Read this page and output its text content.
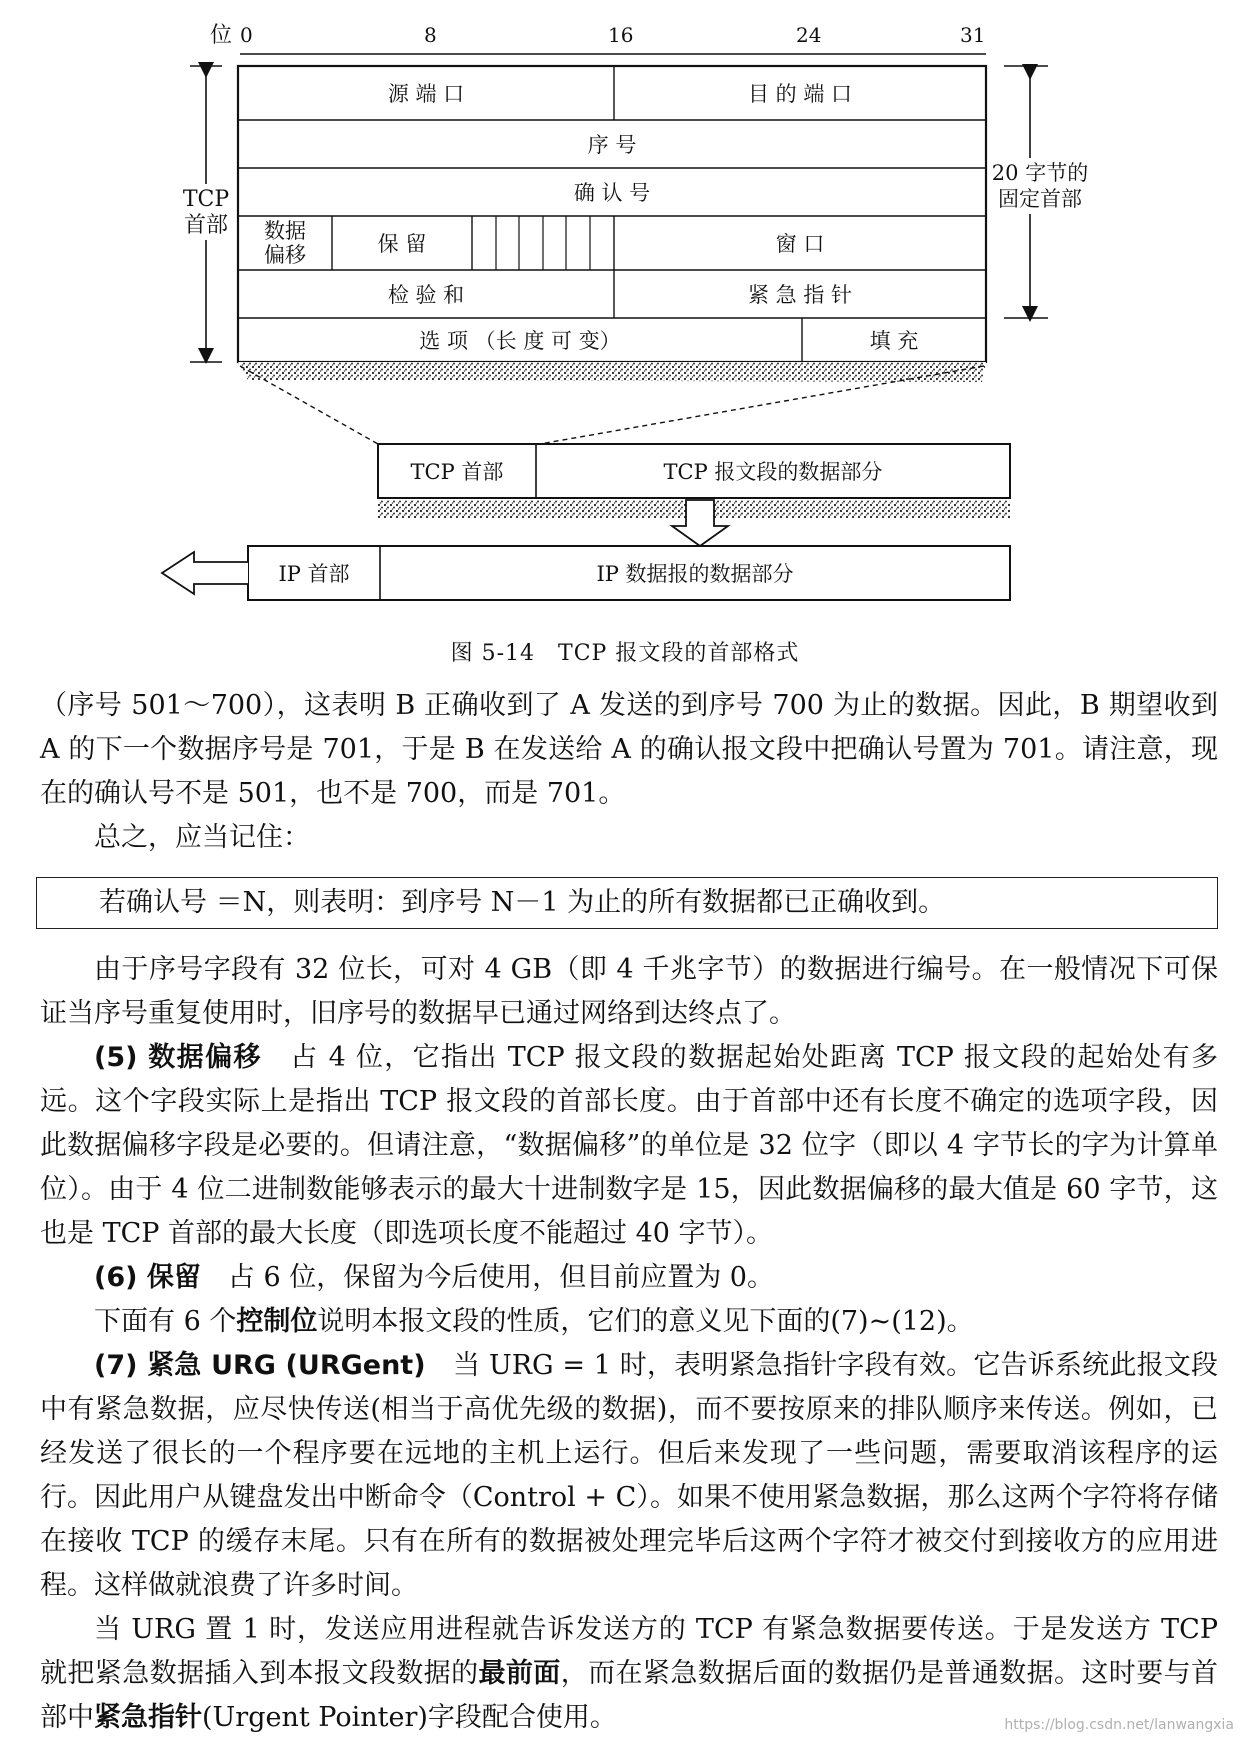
位 0	8	16	24	31
TCP
首部
20 字节的
固定首部
源 端 口	目 的 端 口
序 号
确 认 号
数据
偏移	保 留	窗 口
检 验 和	紧 急 指 针
选 项 （长 度 可 变）	填 充
TCP 首部	TCP 报文段的数据部分
IP 首部	IP 数据报的数据部分
图 5-14　TCP 报文段的首部格式

（序号 501～700），这表明 B 正确收到了 A 发送的到序号 700 为止的数据。因此，B 期望收到 A 的下一个数据序号是 701，于是 B 在发送给 A 的确认报文段中把确认号置为 701。请注意，现在的确认号不是 501，也不是 700，而是 701。

总之，应当记住：

若确认号 ＝N，则表明：到序号 N－1 为止的所有数据都已正确收到。

由于序号字段有 32 位长，可对 4 GB（即 4 千兆字节）的数据进行编号。在一般情况下可保证当序号重复使用时，旧序号的数据早已通过网络到达终点了。

(5) 数据偏移　占 4 位，它指出 TCP 报文段的数据起始处距离 TCP 报文段的起始处有多远。这个字段实际上是指出 TCP 报文段的首部长度。由于首部中还有长度不确定的选项字段，因此数据偏移字段是必要的。但请注意，“数据偏移”的单位是 32 位字（即以 4 字节长的字为计算单位）。由于 4 位二进制数能够表示的最大十进制数字是 15，因此数据偏移的最大值是 60 字节，这也是 TCP 首部的最大长度（即选项长度不能超过 40 字节）。

(6) 保留　占 6 位，保留为今后使用，但目前应置为 0。

下面有 6 个控制位说明本报文段的性质，它们的意义见下面的(7)~(12)。

(7) 紧急 URG (URGent)　当 URG = 1 时，表明紧急指针字段有效。它告诉系统此报文段中有紧急数据，应尽快传送(相当于高优先级的数据)，而不要按原来的排队顺序来传送。例如，已经发送了很长的一个程序要在远地的主机上运行。但后来发现了一些问题，需要取消该程序的运行。因此用户从键盘发出中断命令（Control + C）。如果不使用紧急数据，那么这两个字符将存储在接收 TCP 的缓存末尾。只有在所有的数据被处理完毕后这两个字符才被交付到接收方的应用进程。这样做就浪费了许多时间。

当 URG 置 1 时，发送应用进程就告诉发送方的 TCP 有紧急数据要传送。于是发送方 TCP 就把紧急数据插入到本报文段数据的最前面，而在紧急数据后面的数据仍是普通数据。这时要与首部中紧急指针(Urgent Pointer)字段配合使用。	https://blog.csdn.net/lanwangxia
